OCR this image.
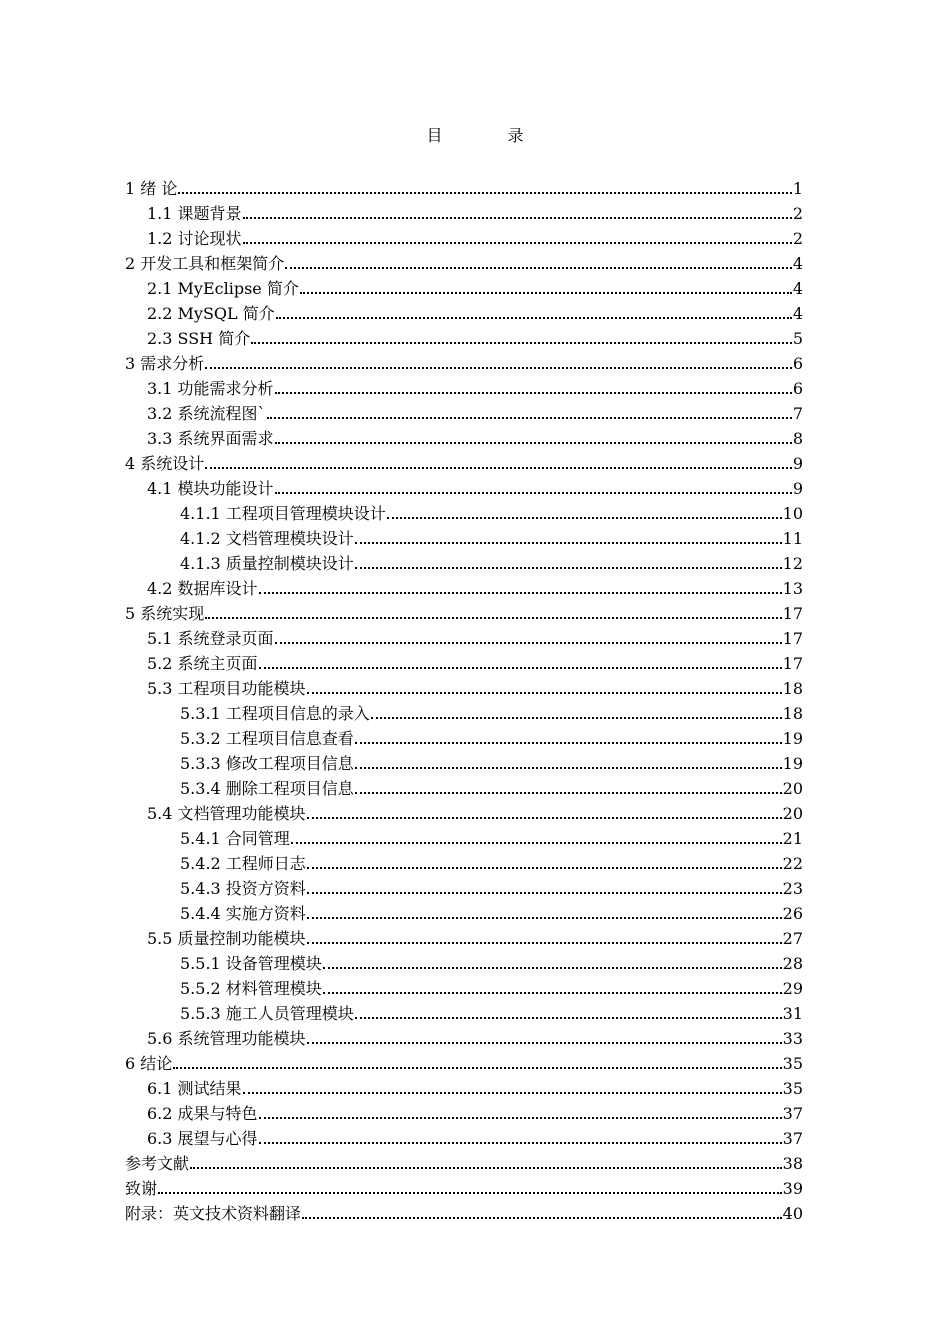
目 录
1 绪 论	1
1.1 课题背景	2
1.2 讨论现状	2
2 开发工具和框架简介	4
2.1 MyEclipse 简介	4
2.2 MySQL 简介	4
2.3 SSH 简介	5
3 需求分析	6
3.1 功能需求分析	6
3.2 系统流程图`	7
3.3 系统界面需求	8
4 系统设计	9
4.1 模块功能设计	9
4.1.1 工程项目管理模块设计	10
4.1.2 文档管理模块设计	11
4.1.3 质量控制模块设计	12
4.2 数据库设计	13
5 系统实现	17
5.1 系统登录页面	17
5.2 系统主页面	17
5.3 工程项目功能模块	18
5.3.1 工程项目信息的录入	18
5.3.2 工程项目信息查看	19
5.3.3 修改工程项目信息	19
5.3.4 删除工程项目信息	20
5.4 文档管理功能模块	20
5.4.1 合同管理	21
5.4.2 工程师日志	22
5.4.3 投资方资料	23
5.4.4 实施方资料	26
5.5 质量控制功能模块	27
5.5.1 设备管理模块	28
5.5.2 材料管理模块	29
5.5.3 施工人员管理模块	31
5.6 系统管理功能模块	33
6 结论	35
6.1 测试结果	35
6.2 成果与特色	37
6.3 展望与心得	37
参考文献	38
致谢	39
附录：英文技术资料翻译	40
